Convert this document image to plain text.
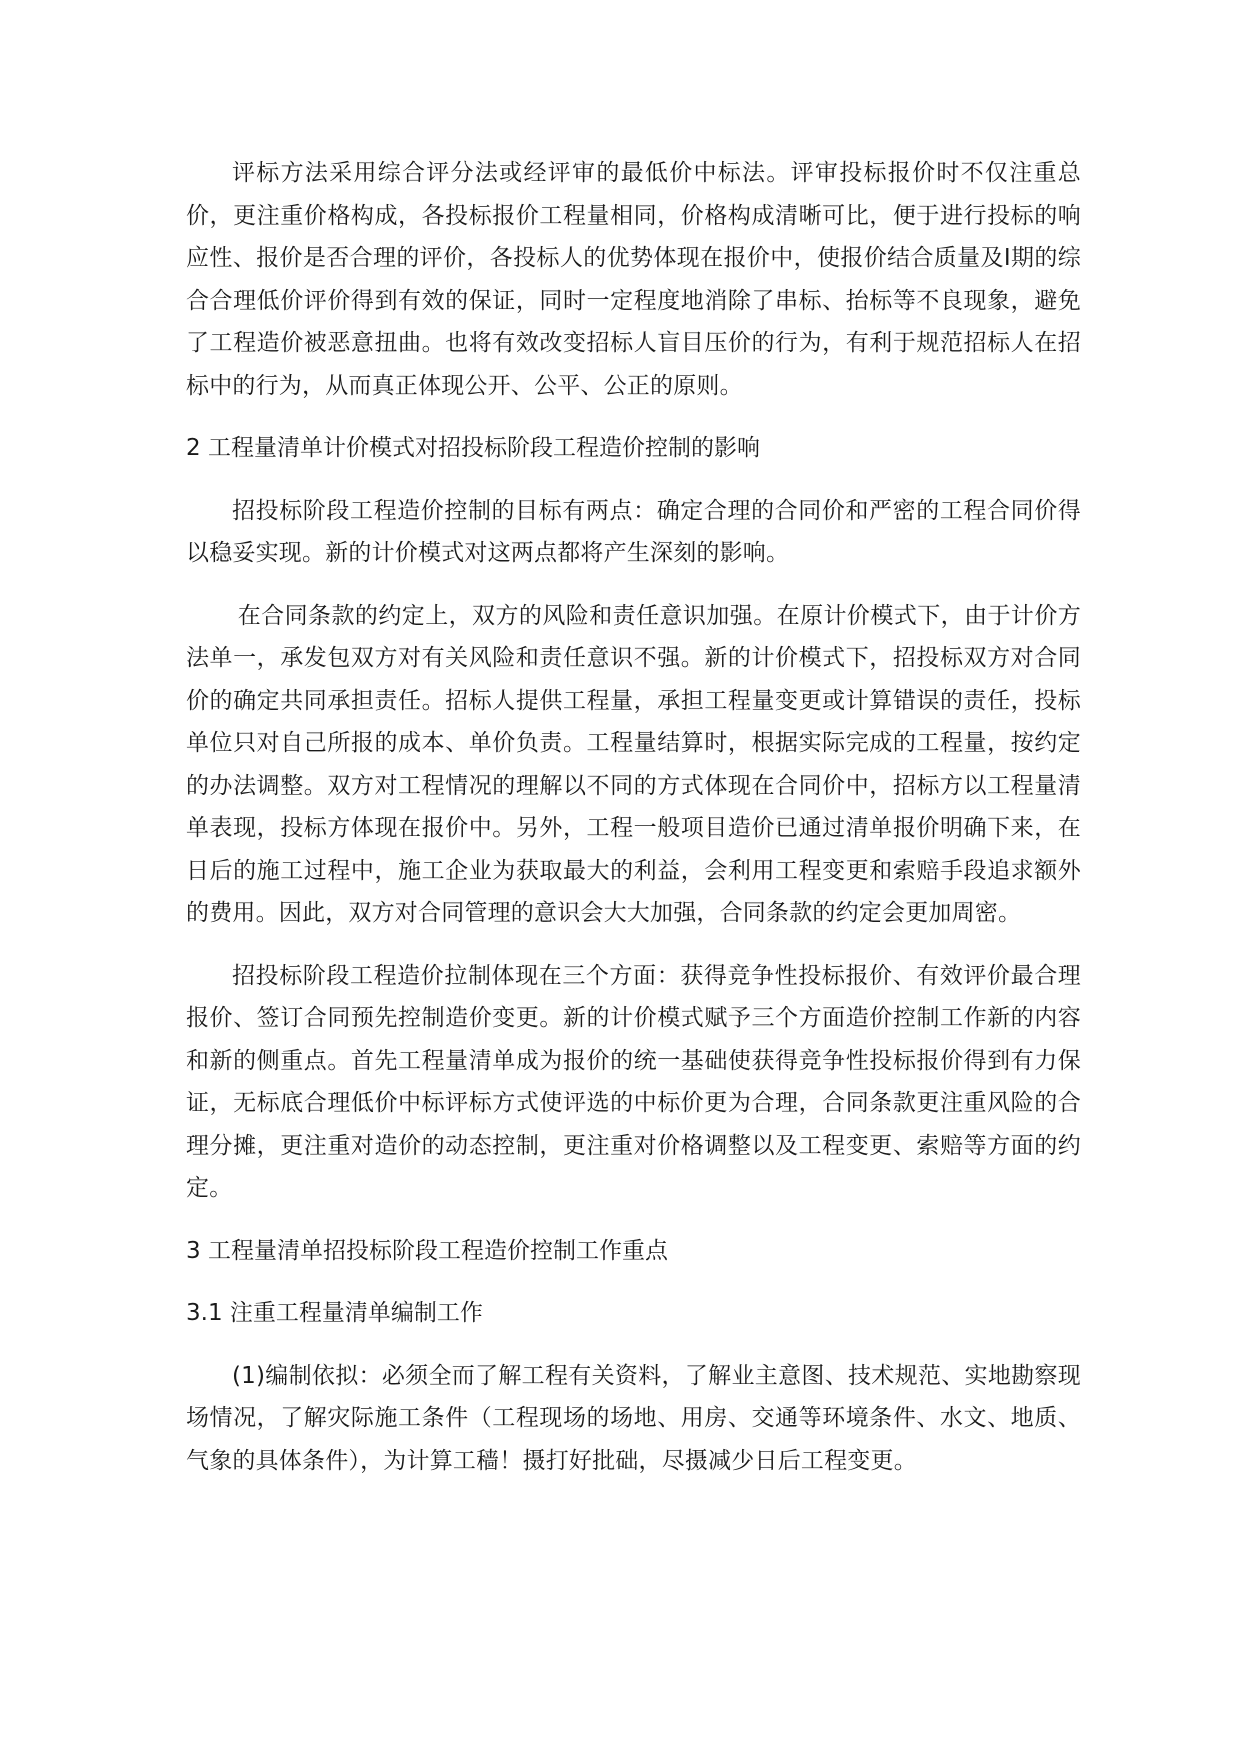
评标方法采用综合评分法或经评审的最低价中标法。评审投标报价时不仅注重总价，更注重价格构成，各投标报价工程量相同，价格构成清晰可比，便于进行投标的响应性、报价是否合理的评价，各投标人的优势体现在报价中，使报价结合质量及Ⅰ期的综合合理低价评价得到有效的保证，同时一定程度地消除了串标、抬标等不良现象，避免了工程造价被恶意扭曲。也将有效改变招标人盲目压价的行为，有利于规范招标人在招标中的行为，从而真正体现公开、公平、公正的原则。

2 工程量清单计价模式对招投标阶段工程造价控制的影响

招投标阶段工程造价控制的目标有两点：确定合理的合同价和严密的工程合同价得以稳妥实现。新的计价模式对这两点都将产生深刻的影响。

在合同条款的约定上，双方的风险和责任意识加强。在原计价模式下，由于计价方法单一，承发包双方对有关风险和责任意识不强。新的计价模式下，招投标双方对合同价的确定共同承担责任。招标人提供工程量，承担工程量变更或计算错误的责任，投标单位只对自己所报的成本、单价负责。工程量结算时，根据实际完成的工程量，按约定的办法调整。双方对工程情况的理解以不同的方式体现在合同价中，招标方以工程量清单表现，投标方体现在报价中。另外，工程一般项目造价已通过清单报价明确下来，在日后的施工过程中，施工企业为获取最大的利益，会利用工程变更和索赔手段追求额外的费用。因此，双方对合同管理的意识会大大加强，合同条款的约定会更加周密。

招投标阶段工程造价拉制体现在三个方面：获得竞争性投标报价、有效评价最合理报价、签订合同预先控制造价变更。新的计价模式赋予三个方面造价控制工作新的内容和新的侧重点。首先工程量清单成为报价的统一基础使获得竞争性投标报价得到有力保证，无标底合理低价中标评标方式使评选的中标价更为合理，合同条款更注重风险的合理分摊，更注重对造价的动态控制，更注重对价格调整以及工程变更、索赔等方面的约定。

3 工程量清单招投标阶段工程造价控制工作重点

3.1 注重工程量清单编制工作

(1)编制依拟：必须全而了解工程有关资料，了解业主意图、技术规范、实地勘察现场情况，了解灾际施工条件（工程现场的场地、用房、交通等环境条件、水文、地质、气象的具体条件），为计算工穑！摄打好批础，尽摄减少日后工程变更。
